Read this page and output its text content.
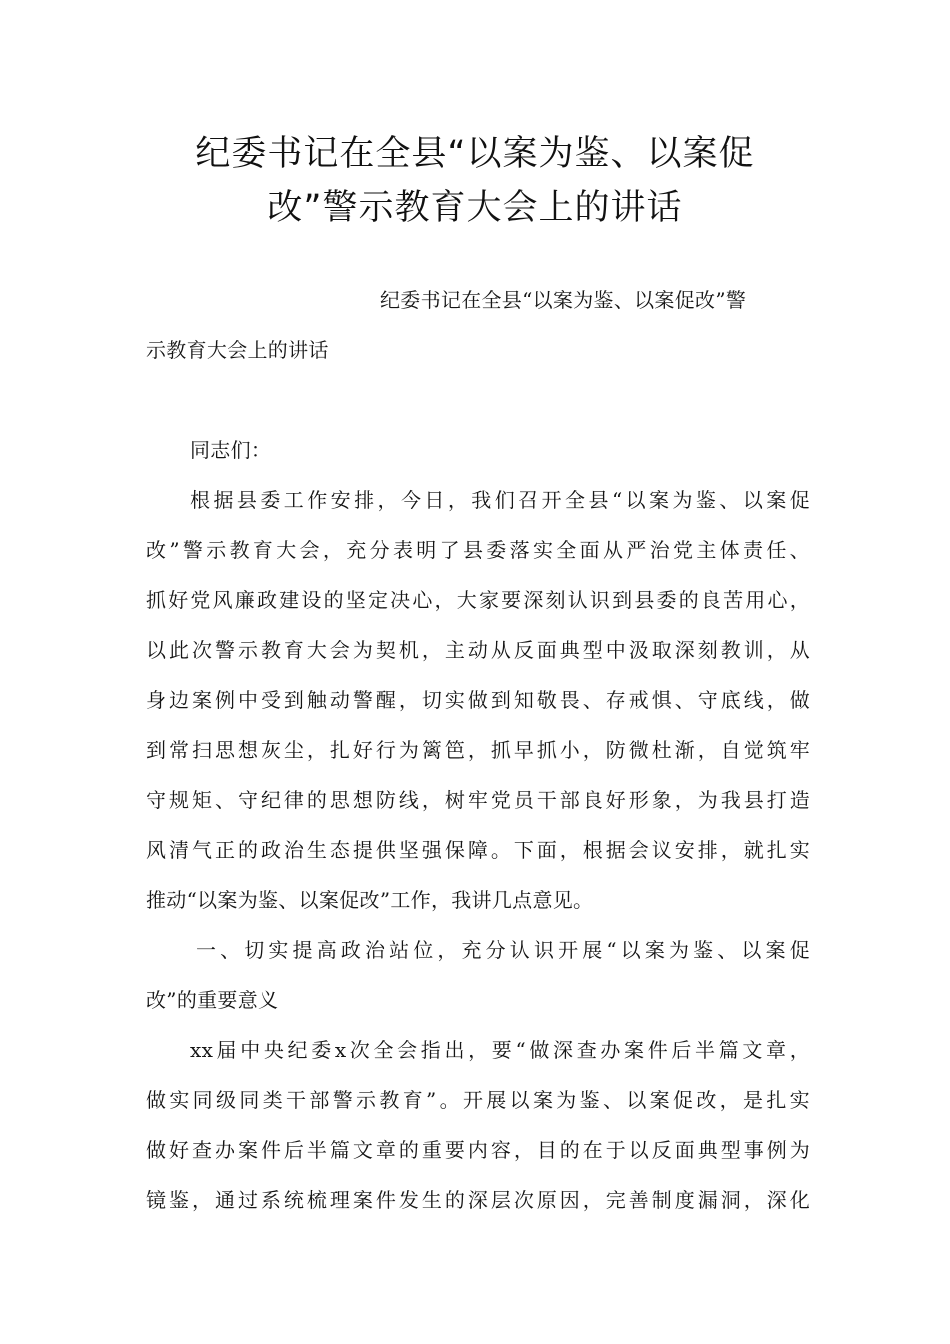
纪委书记在全县“以案为鉴、以案促
改”警示教育大会上的讲话

纪委书记在全县“以案为鉴、以案促改”警

示教育大会上的讲话

同志们：

根据县委工作安排，今日，我们召开全县“以案为鉴、以案促

改”警示教育大会，充分表明了县委落实全面从严治党主体责任、

抓好党风廉政建设的坚定决心，大家要深刻认识到县委的良苦用心，

以此次警示教育大会为契机，主动从反面典型中汲取深刻教训，从

身边案例中受到触动警醒，切实做到知敬畏、存戒惧、守底线，做

到常扫思想灰尘，扎好行为篱笆，抓早抓小，防微杜渐，自觉筑牢

守规矩、守纪律的思想防线，树牢党员干部良好形象，为我县打造

风清气正的政治生态提供坚强保障。下面，根据会议安排，就扎实

推动“以案为鉴、以案促改”工作，我讲几点意见。

一、切实提高政治站位，充分认识开展“以案为鉴、以案促

改”的重要意义

xx届中央纪委x次全会指出，要“做深查办案件后半篇文章，

做实同级同类干部警示教育”。开展以案为鉴、以案促改，是扎实

做好查办案件后半篇文章的重要内容，目的在于以反面典型事例为

镜鉴，通过系统梳理案件发生的深层次原因，完善制度漏洞，深化
